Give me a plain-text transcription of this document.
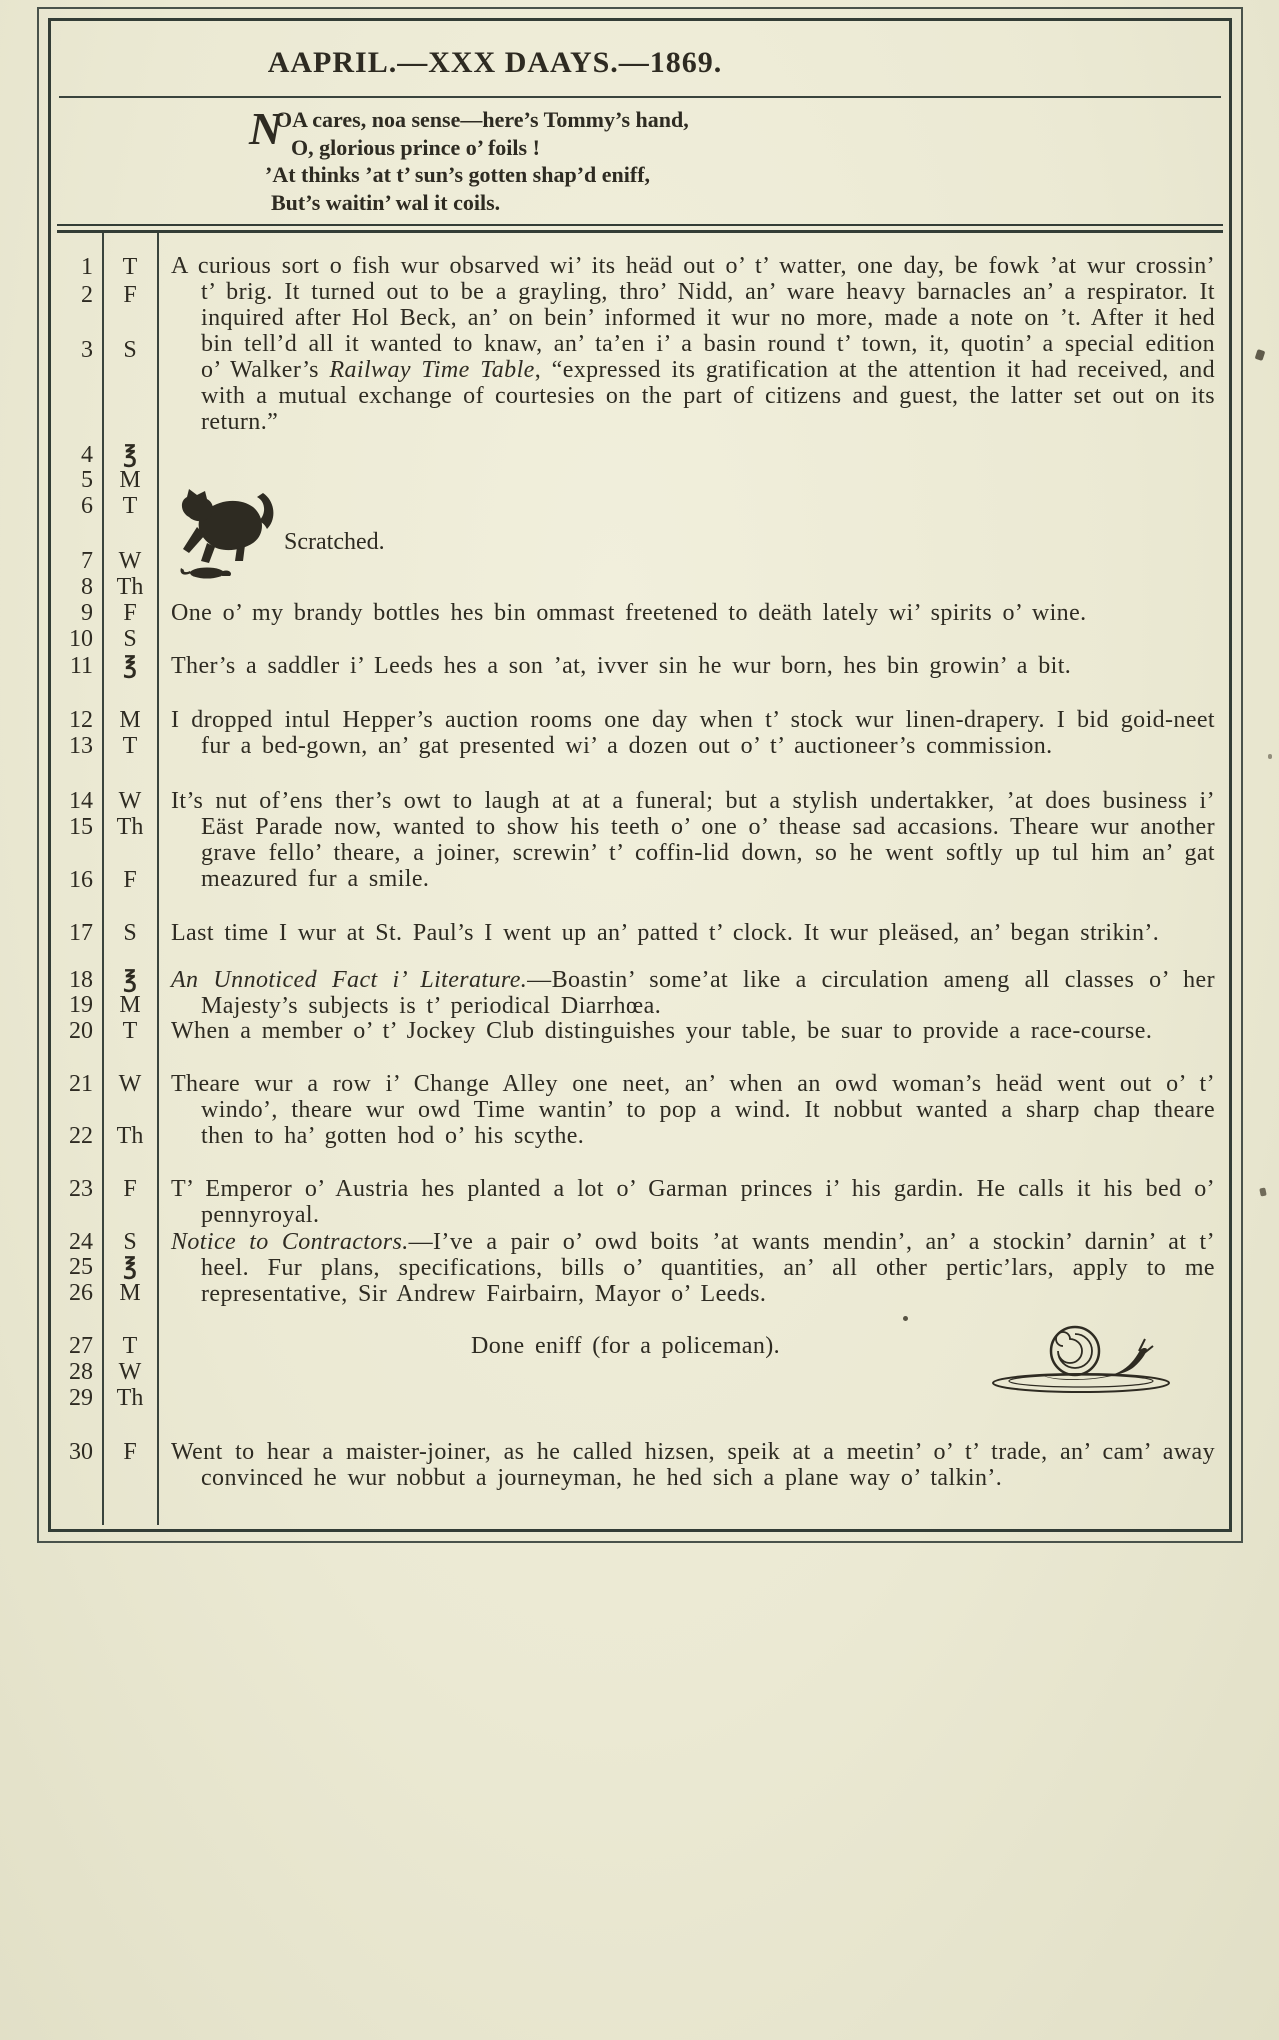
AAPRIL.—XXX DAAYS.—1869.
N
OA cares, noa sense—here’s Tommy’s hand,
O, glorious prince o’ foils !
’At thinks ’at t’ sun’s gotten shap’d eniff,
But’s waitin’ wal it coils.
1	T
2	F
3	S
4	℥
5	M
6	T
7	W
8 Th
9	F
10	S
11	℥
12	M
13	T
14	W
15 Th
16	F
17	S
18	℥
19	M
20	T
21	W
22 Th
23	F
24	S
25	℥
26	M
27	T
28	W
29 Th
30	F

A curious sort o fish wur obsarved wi’ its heäd out o’ t’ watter, one day, be fowk ’at wur crossin’ t’ brig. It turned out to be a grayling, thro’ Nidd, an’ ware heavy barnacles an’ a respirator. It inquired after Hol Beck, an’ on bein’ informed it wur no more, made a note on ’t. After it hed bin tell’d all it wanted to knaw, an’ ta’en i’ a basin round t’ town, it, quotin’ a special edition o’ Walker’s Railway Time Table, “expressed its gratification at the attention it had received, and with a mutual exchange of courtesies on the part of citizens and guest, the latter set out on its return.”

Scratched.

One o’ my brandy bottles hes bin ommast freetened to deäth lately wi’ spirits o’ wine.

Ther’s a saddler i’ Leeds hes a son ’at, ivver sin he wur born, hes bin growin’ a bit.

I dropped intul Hepper’s auction rooms one day when t’ stock wur linen-drapery. I bid goid-neet fur a bed-gown, an’ gat presented wi’ a dozen out o’ t’ auctioneer’s commission.

It’s nut of’ens ther’s owt to laugh at at a funeral; but a stylish undertakker, ’at does business i’ Eäst Parade now, wanted to show his teeth o’ one o’ thease sad accasions. Theare wur another grave fello’ theare, a joiner, screwin’ t’ coffin-lid down, so he went softly up tul him an’ gat meazured fur a smile.

Last time I wur at St. Paul’s I went up an’ patted t’ clock. It wur pleäsed, an’ began strikin’.

An Unnoticed Fact i’ Literature.—Boastin’ some’at like a circulation ameng all classes o’ her Majesty’s subjects is t’ periodical Diarrhœa.

When a member o’ t’ Jockey Club distinguishes your table, be suar to provide a race-course.

Theare wur a row i’ Change Alley one neet, an’ when an owd woman’s heäd went out o’ t’ windo’, theare wur owd Time wantin’ to pop a wind. It nobbut wanted a sharp chap theare then to ha’ gotten hod o’ his scythe.

T’ Emperor o’ Austria hes planted a lot o’ Garman princes i’ his gardin. He calls it his bed o’ pennyroyal.

Notice to Contractors.—I’ve a pair o’ owd boits ’at wants mendin’, an’ a stockin’ darnin’ at t’ heel. Fur plans, specifications, bills o’ quantities, an’ all other pertic’lars, apply to me representative, Sir Andrew Fairbairn, Mayor o’ Leeds.

Done eniff (for a policeman).

Went to hear a maister-joiner, as he called hizsen, speik at a meetin’ o’ t’ trade, an’ cam’ away convinced he wur nobbut a journeyman, he hed sich a plane way o’ talkin’.
